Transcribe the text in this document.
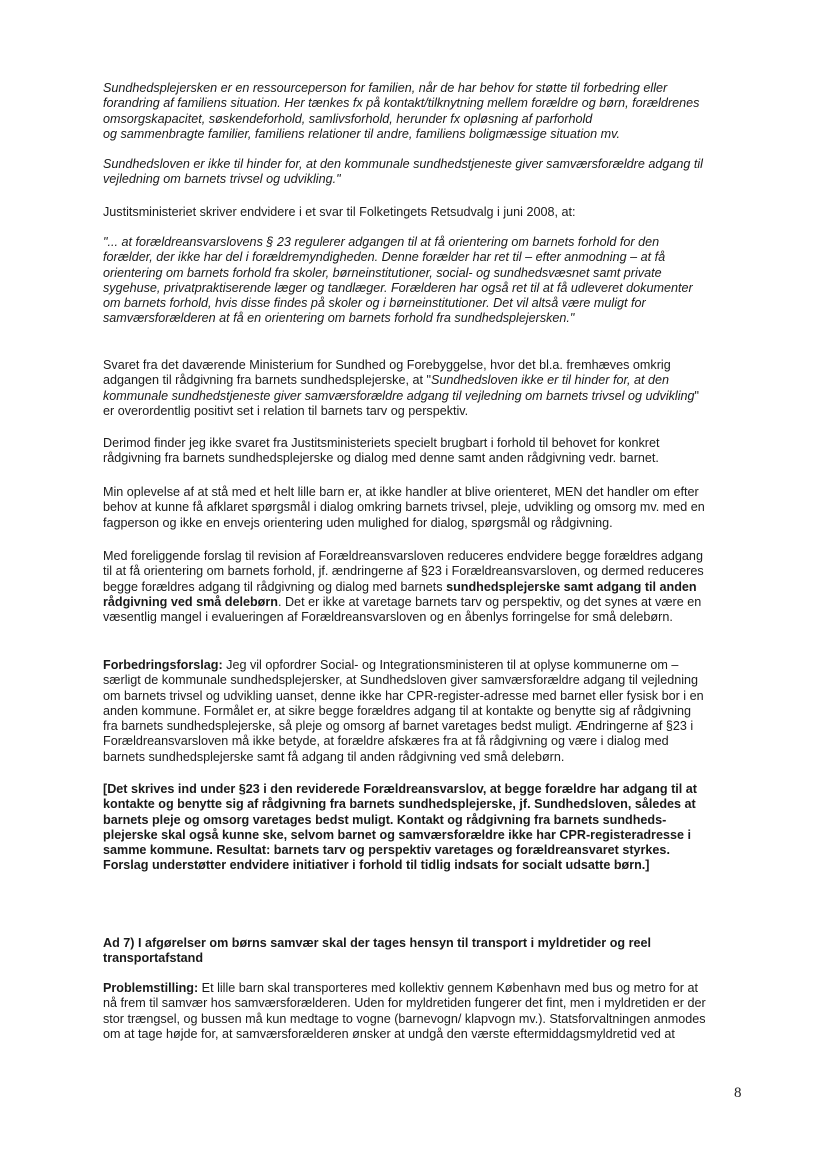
Sundhedsplejersken er en ressourceperson for familien, når de har behov for støtte til forbedring eller
forandring af familiens situation. Her tænkes fx på kontakt/tilknytning mellem forældre og børn, forældrenes
omsorgskapacitet, søskendeforhold, samlivsforhold, herunder fx opløsning af parforhold
og sammenbragte familier, familiens relationer til andre, familiens boligmæssige situation mv.

Sundhedsloven er ikke til hinder for, at den kommunale sundhedstjeneste giver samværsforældre adgang til
vejledning om barnets trivsel og udvikling."

Justitsministeriet skriver endvidere i et svar til Folketingets Retsudvalg i juni 2008, at:

"... at forældreansvarslovens § 23 regulerer adgangen til at få orientering om barnets forhold for den
forælder, der ikke har del i forældremyndigheden. Denne forælder har ret til – efter anmodning – at få
orientering om barnets forhold fra skoler, børneinstitutioner, social- og sundhedsvæsnet samt private
sygehuse, privatpraktiserende læger og tandlæger. Forælderen har også ret til at få udleveret dokumenter
om barnets forhold, hvis disse findes på skoler og i børneinstitutioner. Det vil altså være muligt for
samværsforælderen at få en orientering om barnets forhold fra sundhedsplejersken."

Svaret fra det daværende Ministerium for Sundhed og Forebyggelse, hvor det bl.a. fremhæves omkrig
adgangen til rådgivning fra barnets sundhedsplejerske, at "Sundhedsloven ikke er til hinder for, at den
kommunale sundhedstjeneste giver samværsforældre adgang til vejledning om barnets trivsel og udvikling"
er overordentlig positivt set i relation til barnets tarv og perspektiv.

Derimod finder jeg ikke svaret fra Justitsministeriets specielt brugbart i forhold til behovet for konkret
rådgivning fra barnets sundhedsplejerske og dialog med denne samt anden rådgivning vedr. barnet.

Min oplevelse af at stå med et helt lille barn er, at ikke handler at blive orienteret, MEN det handler om efter
behov at kunne få afklaret spørgsmål i dialog omkring barnets trivsel, pleje, udvikling og omsorg mv. med en
fagperson og ikke en envejs orientering uden mulighed for dialog, spørgsmål og rådgivning.

Med foreliggende forslag til revision af Forældreansvarsloven reduceres endvidere begge forældres adgang
til at få orientering om barnets forhold, jf. ændringerne af §23 i Forældreansvarsloven, og dermed reduceres
begge forældres adgang til rådgivning og dialog med barnets sundhedsplejerske samt adgang til anden
rådgivning ved små delebørn. Det er ikke at varetage barnets tarv og perspektiv, og det synes at være en
væsentlig mangel i evalueringen af Forældreansvarsloven og en åbenlys forringelse for små delebørn.

Forbedringsforslag: Jeg vil opfordrer Social- og Integrationsministeren til at oplyse kommunerne om –
særligt de kommunale sundhedsplejersker, at Sundhedsloven giver samværsforældre adgang til vejledning
om barnets trivsel og udvikling uanset, denne ikke har CPR-register-adresse med barnet eller fysisk bor i en
anden kommune. Formålet er, at sikre begge forældres adgang til at kontakte og benytte sig af rådgivning
fra barnets sundhedsplejerske, så pleje og omsorg af barnet varetages bedst muligt. Ændringerne af §23 i
Forældreansvarsloven må ikke betyde, at forældre afskæres fra at få rådgivning og være i dialog med
barnets sundhedsplejerske samt få adgang til anden rådgivning ved små delebørn.

[Det skrives ind under §23 i den reviderede Forældreansvarslov, at begge forældre har adgang til at
kontakte og benytte sig af rådgivning fra barnets sundhedsplejerske, jf. Sundhedsloven, således at
barnets pleje og omsorg varetages bedst muligt. Kontakt og rådgivning fra barnets sundheds-
plejerske skal også kunne ske, selvom barnet og samværsforældre ikke har CPR-registeradresse i
samme kommune. Resultat: barnets tarv og perspektiv varetages og forældreansvaret styrkes.
Forslag understøtter endvidere initiativer i forhold til tidlig indsats for socialt udsatte børn.]

Ad 7) I afgørelser om børns samvær skal der tages hensyn til transport i myldretider og reel
transportafstand

Problemstilling: Et lille barn skal transporteres med kollektiv gennem København med bus og metro for at
nå frem til samvær hos samværsforælderen. Uden for myldretiden fungerer det fint, men i myldretiden er der
stor trængsel, og bussen må kun medtage to vogne (barnevogn/ klapvogn mv.). Statsforvaltningen anmodes
om at tage højde for, at samværsforælderen ønsker at undgå den værste eftermiddagsmyldretid ved at

8
